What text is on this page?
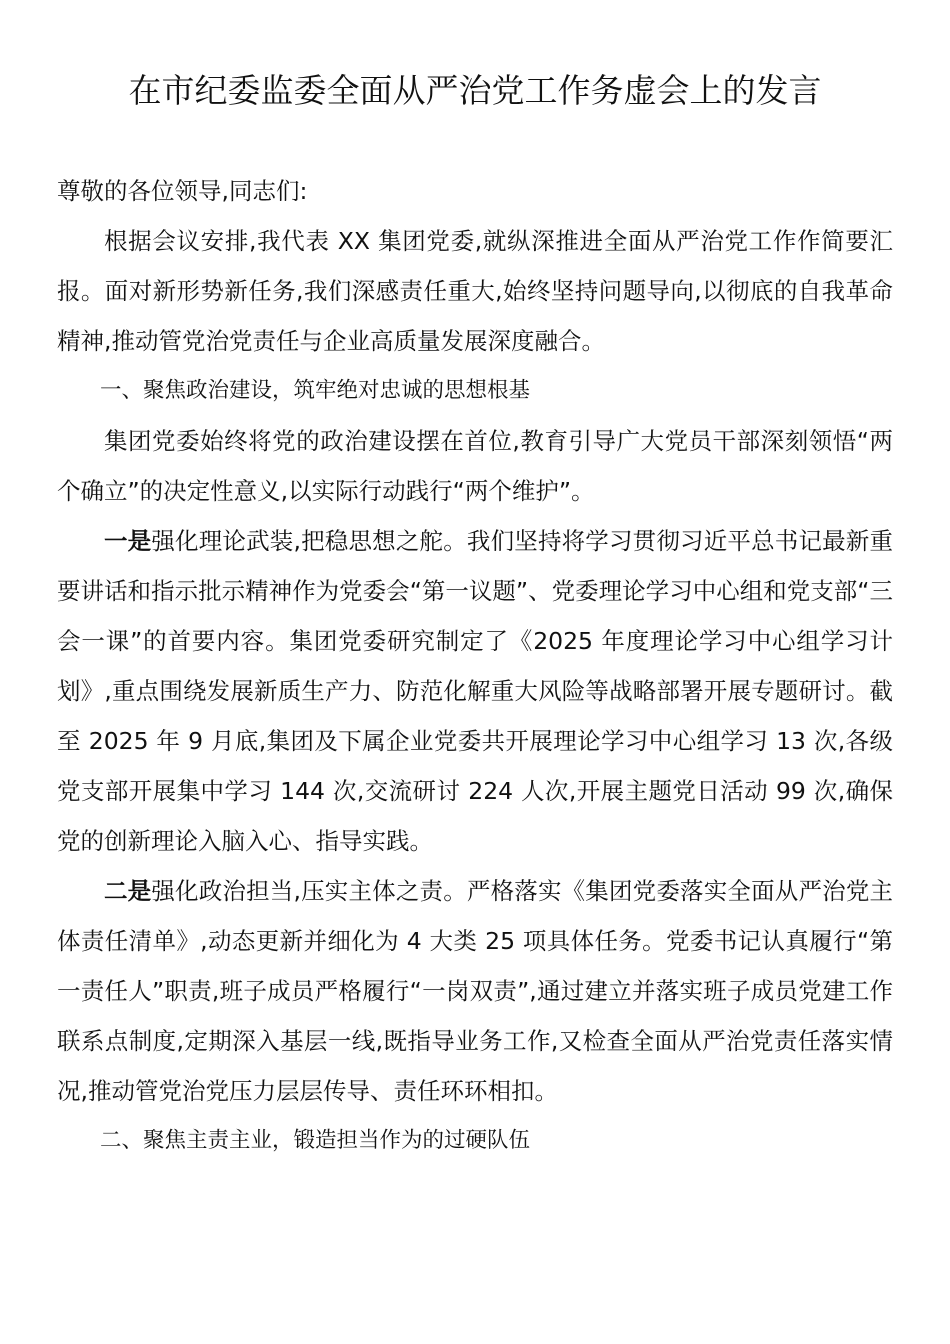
在市纪委监委全面从严治党工作务虚会上的发言

尊敬的各位领导,同志们:

根据会议安排,我代表 XX 集团党委,就纵深推进全面从严治党工作作简要汇报。面对新形势新任务,我们深感责任重大,始终坚持问题导向,以彻底的自我革命精神,推动管党治党责任与企业高质量发展深度融合。

一、聚焦政治建设，筑牢绝对忠诚的思想根基

集团党委始终将党的政治建设摆在首位,教育引导广大党员干部深刻领悟“两个确立”的决定性意义,以实际行动践行“两个维护”。

一是强化理论武装,把稳思想之舵。我们坚持将学习贯彻习近平总书记最新重要讲话和指示批示精神作为党委会“第一议题”、党委理论学习中心组和党支部“三会一课”的首要内容。集团党委研究制定了《2025 年度理论学习中心组学习计划》,重点围绕发展新质生产力、防范化解重大风险等战略部署开展专题研讨。截至 2025 年 9 月底,集团及下属企业党委共开展理论学习中心组学习 13 次,各级党支部开展集中学习 144 次,交流研讨 224 人次,开展主题党日活动 99 次,确保党的创新理论入脑入心、指导实践。

二是强化政治担当,压实主体之责。严格落实《集团党委落实全面从严治党主体责任清单》,动态更新并细化为 4 大类 25 项具体任务。党委书记认真履行“第一责任人”职责,班子成员严格履行“一岗双责”,通过建立并落实班子成员党建工作联系点制度,定期深入基层一线,既指导业务工作,又检查全面从严治党责任落实情况,推动管党治党压力层层传导、责任环环相扣。

二、聚焦主责主业，锻造担当作为的过硬队伍
